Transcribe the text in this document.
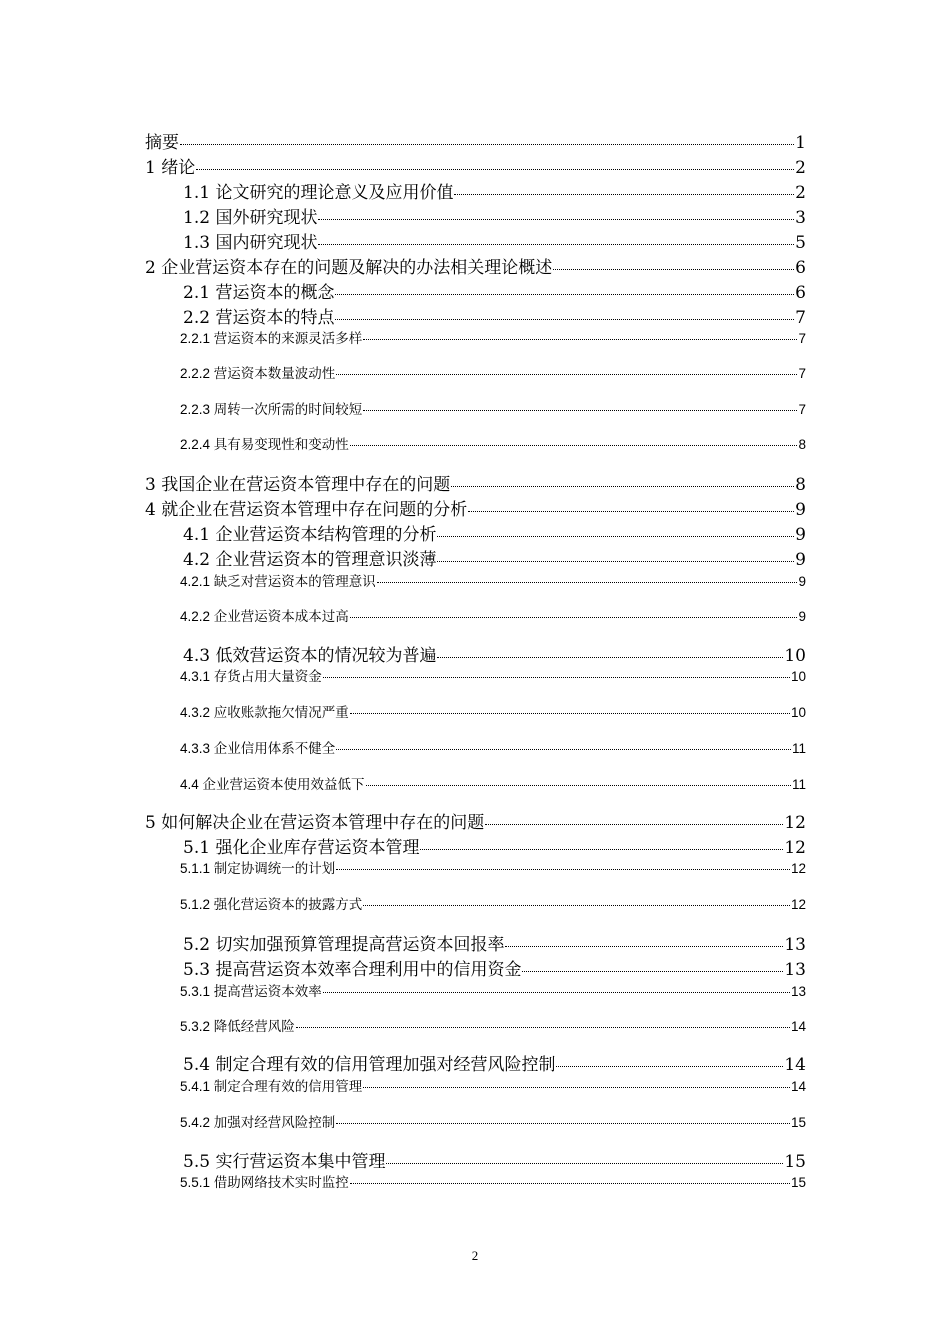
摘要	1
1 绪论	2
1.1 论文研究的理论意义及应用价值	2
1.2 国外研究现状	3
1.3 国内研究现状	5
2 企业营运资本存在的问题及解决的办法相关理论概述	6
2.1 营运资本的概念	6
2.2 营运资本的特点	7
2.2.1 营运资本的来源灵活多样	7
2.2.2 营运资本数量波动性	7
2.2.3 周转一次所需的时间较短	7
2.2.4 具有易变现性和变动性	8
3 我国企业在营运资本管理中存在的问题	8
4 就企业在营运资本管理中存在问题的分析	9
4.1 企业营运资本结构管理的分析	9
4.2 企业营运资本的管理意识淡薄	9
4.2.1 缺乏对营运资本的管理意识	9
4.2.2 企业营运资本成本过高	9
4.3 低效营运资本的情况较为普遍	10
4.3.1 存货占用大量资金	10
4.3.2 应收账款拖欠情况严重	10
4.3.3 企业信用体系不健全	11
4.4 企业营运资本使用效益低下	11
5 如何解决企业在营运资本管理中存在的问题	12
5.1 强化企业库存营运资本管理	12
5.1.1 制定协调统一的计划	12
5.1.2 强化营运资本的披露方式	12
5.2 切实加强预算管理提高营运资本回报率	13
5.3 提高营运资本效率合理利用中的信用资金	13
5.3.1 提高营运资本效率	13
5.3.2 降低经营风险	14
5.4 制定合理有效的信用管理加强对经营风险控制	14
5.4.1 制定合理有效的信用管理	14
5.4.2 加强对经营风险控制	15
5.5 实行营运资本集中管理	15
5.5.1 借助网络技术实时监控	15
2
